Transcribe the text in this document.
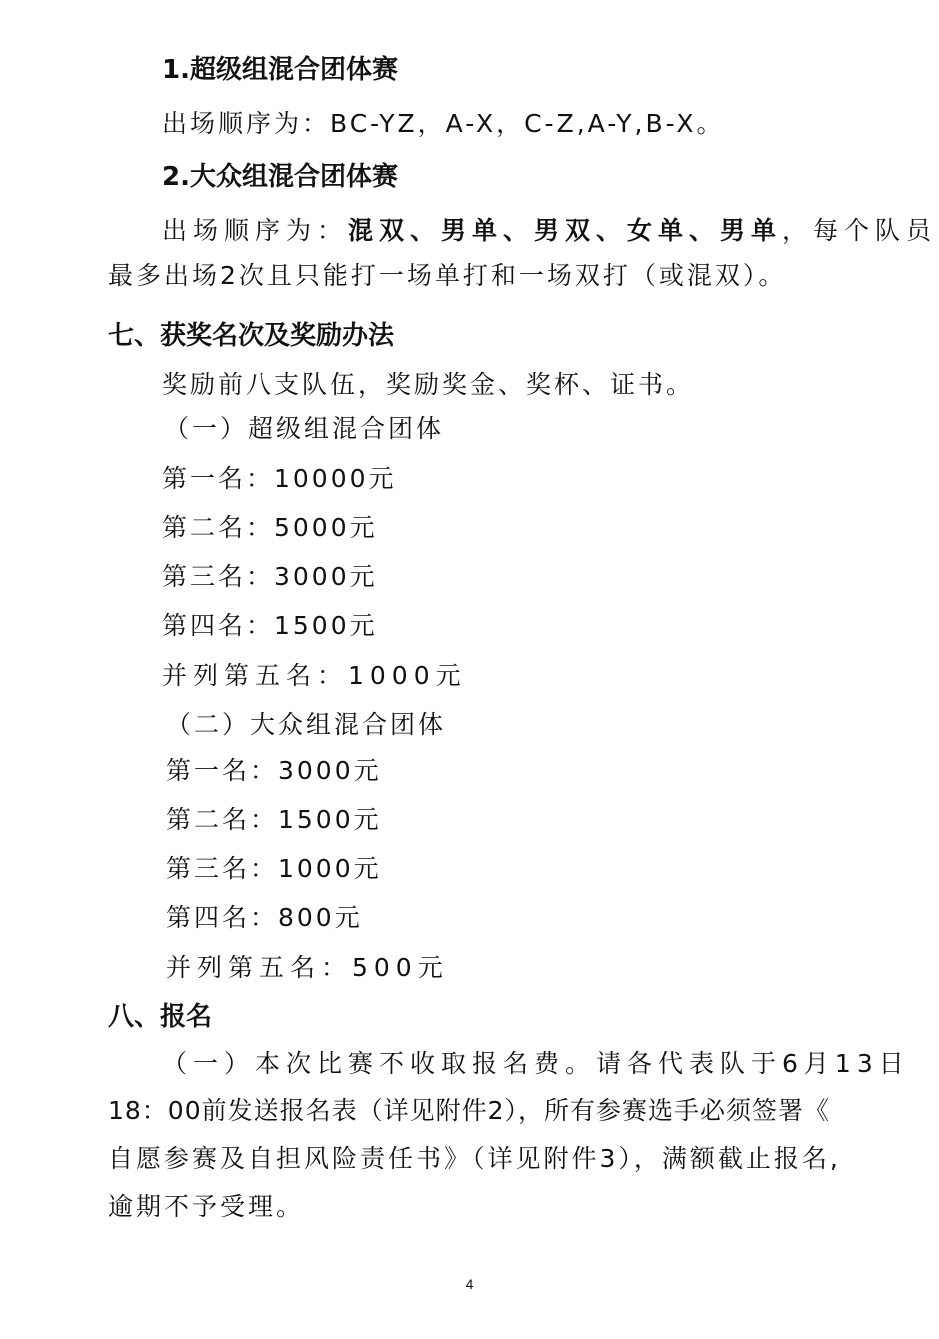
1.超级组混合团体赛
出场顺序为：BC-YZ，A-X，C-Z,A-Y,B-X。
2.大众组混合团体赛
出场顺序为：混双、男单、男双、女单、男单，每个队员
最多出场2次且只能打一场单打和一场双打（或混双）。
七、获奖名次及奖励办法
奖励前八支队伍，奖励奖金、奖杯、证书。
（一）超级组混合团体
第一名：10000元
第二名：5000元
第三名：3000元
第四名：1500元
并列第五名：1000元
（二）大众组混合团体
第一名：3000元
第二名：1500元
第三名：1000元
第四名：800元
并列第五名：500元
八、报名
（一）本次比赛不收取报名费。请各代表队于6月13日
18：00前发送报名表（详见附件2），所有参赛选手必须签署《
自愿参赛及自担风险责任书》（详见附件3），满额截止报名,
逾期不予受理。
4
